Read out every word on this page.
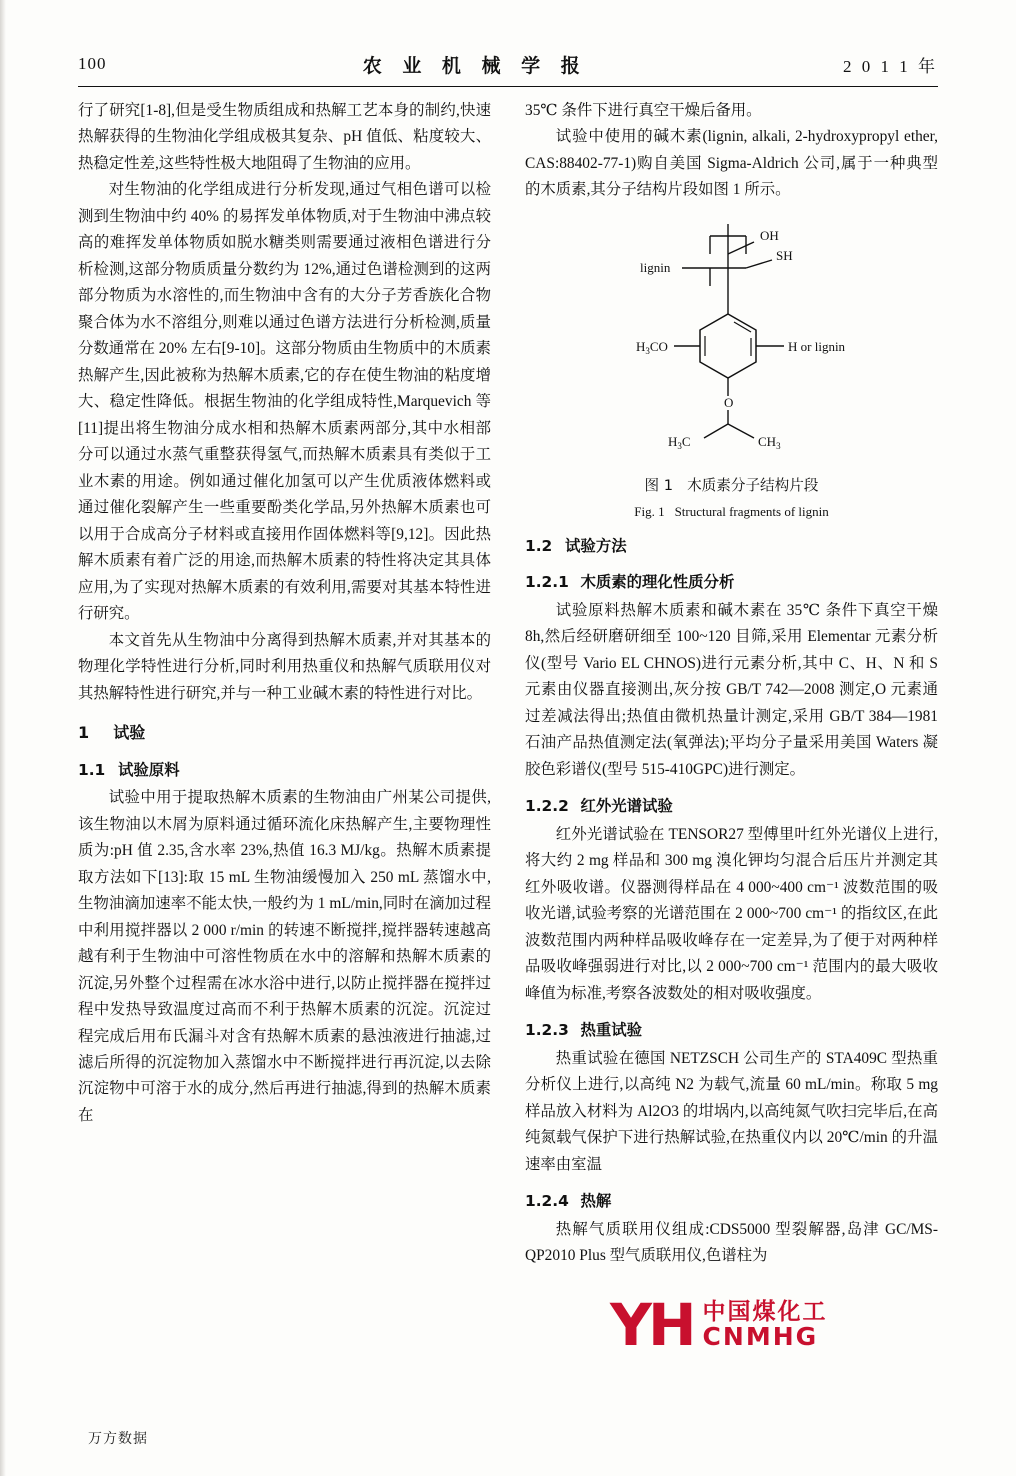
100	农 业 机 械 学 报	2 0 1 1 年

行了研究[1-8],但是受生物质组成和热解工艺本身的制约,快速热解获得的生物油化学组成极其复杂、pH 值低、粘度较大、热稳定性差,这些特性极大地阻碍了生物油的应用。

对生物油的化学组成进行分析发现,通过气相色谱可以检测到生物油中约 40% 的易挥发单体物质,对于生物油中沸点较高的难挥发单体物质如脱水糖类则需要通过液相色谱进行分析检测,这部分物质质量分数约为 12%,通过色谱检测到的这两部分物质为水溶性的,而生物油中含有的大分子芳香族化合物聚合体为水不溶组分,则难以通过色谱方法进行分析检测,质量分数通常在 20% 左右[9-10]。这部分物质由生物质中的木质素热解产生,因此被称为热解木质素,它的存在使生物油的粘度增大、稳定性降低。根据生物油的化学组成特性,Marquevich 等[11]提出将生物油分成水相和热解木质素两部分,其中水相部分可以通过水蒸气重整获得氢气,而热解木质素具有类似于工业木素的用途。例如通过催化加氢可以产生优质液体燃料或通过催化裂解产生一些重要酚类化学品,另外热解木质素也可以用于合成高分子材料或直接用作固体燃料等[9,12]。因此热解木质素有着广泛的用途,而热解木质素的特性将决定其具体应用,为了实现对热解木质素的有效利用,需要对其基本特性进行研究。

本文首先从生物油中分离得到热解木质素,并对其基本的物理化学特性进行分析,同时利用热重仪和热解气质联用仪对其热解特性进行研究,并与一种工业碱木素的特性进行对比。

1 试验
1.1 试验原料

试验中用于提取热解木质素的生物油由广州某公司提供,该生物油以木屑为原料通过循环流化床热解产生,主要物理性质为:pH 值 2.35,含水率 23%,热值 16.3 MJ/kg。热解木质素提取方法如下[13]:取 15 mL 生物油缓慢加入 250 mL 蒸馏水中,生物油滴加速率不能太快,一般约为 1 mL/min,同时在滴加过程中利用搅拌器以 2 000 r/min 的转速不断搅拌,搅拌器转速越高越有利于生物油中可溶性物质在水中的溶解和热解木质素的沉淀,另外整个过程需在冰水浴中进行,以防止搅拌器在搅拌过程中发热导致温度过高而不利于热解木质素的沉淀。沉淀过程完成后用布氏漏斗对含有热解木质素的悬浊液进行抽滤,过滤后所得的沉淀物加入蒸馏水中不断搅拌进行再沉淀,以去除沉淀物中可溶于水的成分,然后再进行抽滤,得到的热解木质素在

35℃ 条件下进行真空干燥后备用。

试验中使用的碱木素(lignin, alkali, 2-hydroxypropyl ether, CAS:88402-77-1)购自美国 Sigma-Aldrich 公司,属于一种典型的木质素,其分子结构片段如图 1 所示。

OH
SH
lignin
H or lignin
$H_3CO$
O
$H_3C$	$CH_3$
图 1 木质素分子结构片段
Fig. 1 Structural fragments of lignin
1.2 试验方法
1.2.1 木质素的理化性质分析

试验原料热解木质素和碱木素在 35℃ 条件下真空干燥 8h,然后经研磨研细至 100~120 目筛,采用 Elementar 元素分析仪(型号 Vario EL CHNOS)进行元素分析,其中 C、H、N 和 S 元素由仪器直接测出,灰分按 GB/T 742—2008 测定,O 元素通过差减法得出;热值由微机热量计测定,采用 GB/T 384—1981 石油产品热值测定法(氧弹法);平均分子量采用美国 Waters 凝胶色彩谱仪(型号 515-410GPC)进行测定。

1.2.2 红外光谱试验

红外光谱试验在 TENSOR27 型傅里叶红外光谱仪上进行,将大约 2 mg 样品和 300 mg 溴化钾均匀混合后压片并测定其红外吸收谱。仪器测得样品在 4 000~400 cm⁻¹ 波数范围的吸收光谱,试验考察的光谱范围在 2 000~700 cm⁻¹ 的指纹区,在此波数范围内两种样品吸收峰存在一定差异,为了便于对两种样品吸收峰强弱进行对比,以 2 000~700 cm⁻¹ 范围内的最大吸收峰值为标准,考察各波数处的相对吸收强度。

1.2.3 热重试验

热重试验在德国 NETZSCH 公司生产的 STA409C 型热重分析仪上进行,以高纯 N2 为载气,流量 60 mL/min。称取 5 mg 样品放入材料为 Al2O3 的坩埚内,以高纯氮气吹扫完毕后,在高纯氮载气保护下进行热解试验,在热重仪内以 20℃/min 的升温速率由室温

1.2.4 热解

热解气质联用仪组成:CDS5000 型裂解器,岛津 GC/MS-QP2010 Plus 型气质联用仪,色谱柱为

YH 中国煤化工
CNMHG
万方数据
